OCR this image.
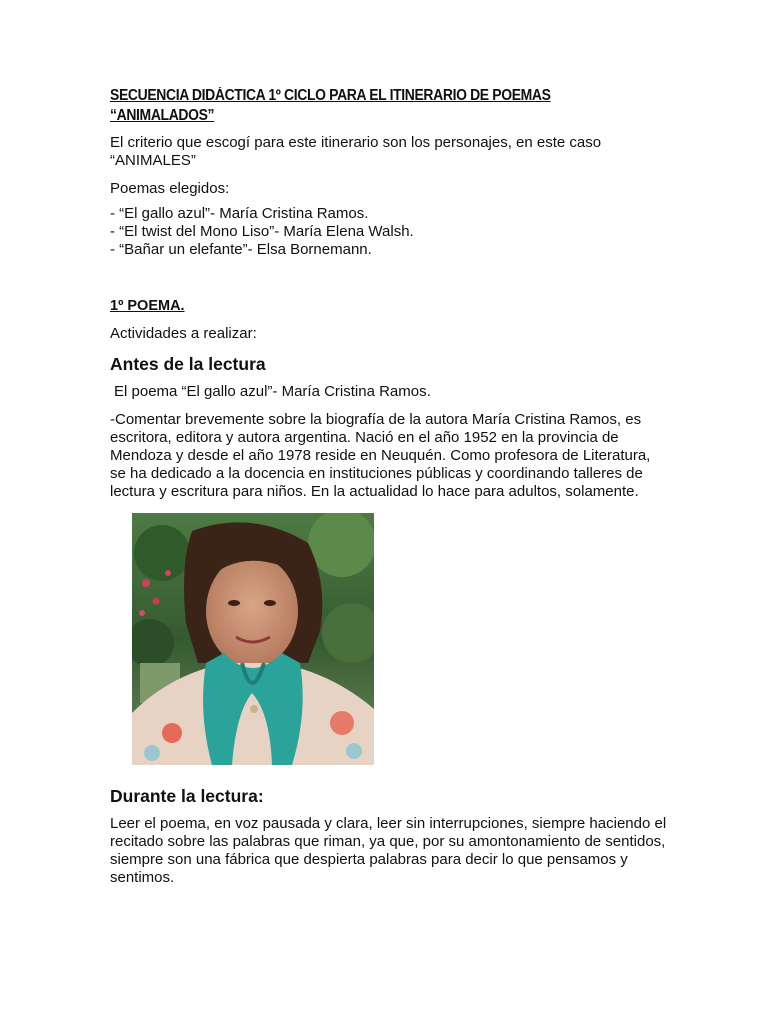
SECUENCIA DIDÁCTICA 1º CICLO PARA EL ITINERARIO DE POEMAS
“ANIMALADOS”

El criterio que escogí para este itinerario son los personajes, en este caso “ANIMALES”

Poemas elegidos:

- “El gallo azul”- María Cristina Ramos.
- “El twist del Mono Liso”- María Elena Walsh.
- “Bañar un elefante”- Elsa Bornemann.

1º POEMA.

Actividades a realizar:

Antes de la lectura

El poema “El gallo azul”- María Cristina Ramos.

-Comentar brevemente sobre la biografía de la autora María Cristina Ramos, es escritora, editora y autora argentina. Nació en el año 1952 en la provincia de Mendoza y desde el año 1978 reside en Neuquén. Como profesora de Literatura, se ha dedicado a la docencia en instituciones públicas y coordinando talleres de lectura y escritura para niños. En la actualidad lo hace para adultos, solamente.

Durante la lectura:

Leer el poema, en voz pausada y clara, leer sin interrupciones, siempre haciendo el recitado sobre las palabras que riman, ya que, por su amontonamiento de sentidos, siempre son una fábrica que despierta palabras para decir lo que pensamos y sentimos.
